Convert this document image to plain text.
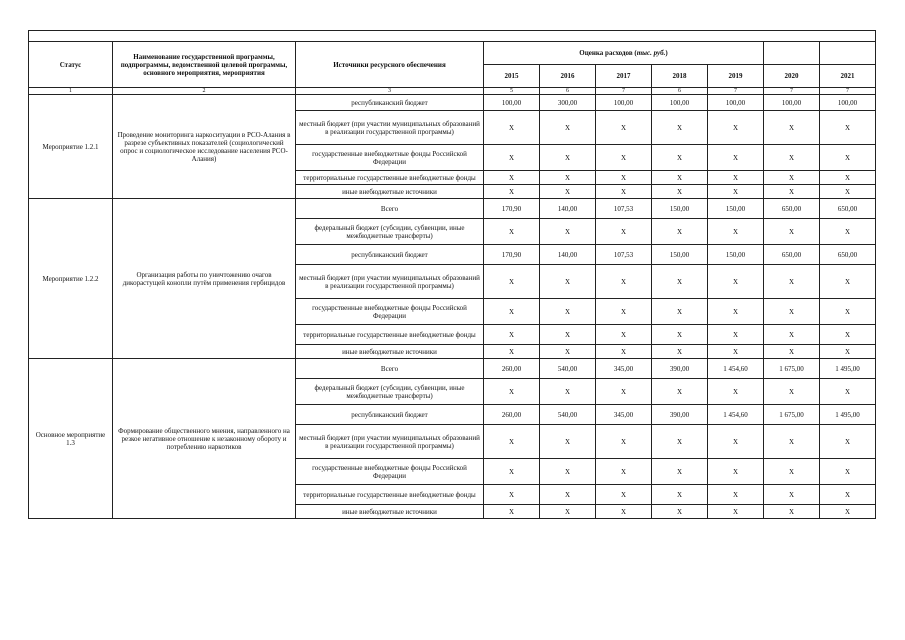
Статус	Наименование государственной программы, подпрограммы, ведомственной целевой программы, основного мероприятия, мероприятия	Источники ресурсного обеспечения	Оценка расходов (тыс. руб.)						
			2015	2016	2017	2018	2019	2020	2021
1	2	3	5	6	7	6	7	7	7
Мероприятие 1.2.1	Проведение мониторинга наркоситуации в РСО-Алания в разрезе субъективных показателей (социологический опрос и социологическое исследование населения РСО-Алания)	республиканский бюджет	100,00	300,00	100,00	100,00	100,00	100,00	100,00
		местный бюджет (при участии муниципальных образований в реализации государственной программы)	Х	Х	Х	Х	Х	Х	Х
		государственные внебюджетные фонды Российской Федерации	Х	Х	Х	Х	Х	Х	Х
		территориальные государственные внебюджетные фонды	Х	Х	Х	Х	Х	Х	Х
		иные внебюджетные источники	Х	Х	Х	Х	Х	Х	Х
Мероприятие 1.2.2	Организация работы по уничтожению очагов дикорастущей конопли путём применения гербицидов	Всего	170,90	140,00	107,53	150,00	150,00	650,00	650,00
		федеральный бюджет (субсидии, субвенции, иные межбюджетные трансферты)	Х	Х	Х	Х	Х	Х	Х
		республиканский бюджет	170,90	140,00	107,53	150,00	150,00	650,00	650,00
		местный бюджет (при участии муниципальных образований в реализации государственной программы)	Х	Х	Х	Х	Х	Х	Х
		государственные внебюджетные фонды Российской Федерации	Х	Х	Х	Х	Х	Х	Х
		территориальные государственные внебюджетные фонды	Х	Х	Х	Х	Х	Х	Х
		иные внебюджетные источники	Х	Х	Х	Х	Х	Х	Х
Основное мероприятие 1.3	Формирование общественного мнения, направленного на резкое негативное отношение к незаконному обороту и потреблению наркотиков	Всего	260,00	540,00	345,00	390,00	1 454,60	1 675,00	1 495,00
		федеральный бюджет (субсидии, субвенции, иные межбюджетные трансферты)	Х	Х	Х	Х	Х	Х	Х
		республиканский бюджет	260,00	540,00	345,00	390,00	1 454,60	1 675,00	1 495,00
		местный бюджет (при участии муниципальных образований в реализации государственной программы)	Х	Х	Х	Х	Х	Х	Х
		государственные внебюджетные фонды Российской Федерации	Х	Х	Х	Х	Х	Х	Х
		территориальные государственные внебюджетные фонды	Х	Х	Х	Х	Х	Х	Х
		иные внебюджетные источники	Х	Х	Х	Х	Х	Х	Х
